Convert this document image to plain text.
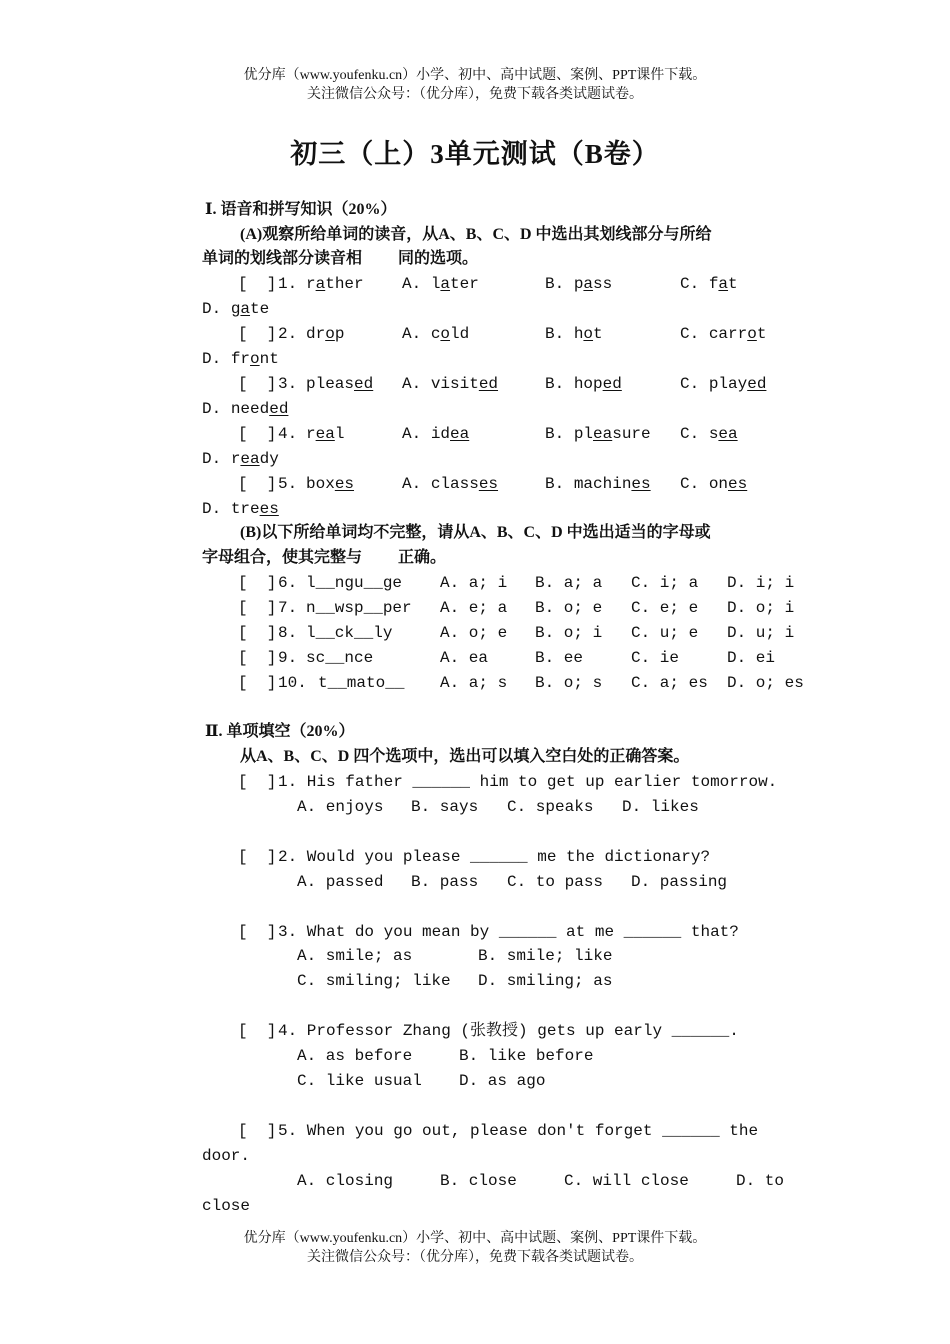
优分库（www.youfenku.cn）小学、初中、高中试题、案例、PPT课件下载。
关注微信公众号：（优分库），免费下载各类试题试卷。
初三（上）3单元测试（B卷）
Ⅰ. 语音和拼写知识（20%）
(A)观察所给单词的读音，从A、B、C、D 中选出其划线部分与所给
单词的划线部分读音相         同的选项。
[  ] 1. rather A. later	B. pass	C. fat
D. gate
[  ] 2. drop	A. cold	B. hot	C. carrot
D. front
[  ] 3. pleased A. visited	B. hoped	C. played
D. needed
[  ] 4. real	A. idea	B. pleasure C. sea
D. ready
[  ] 5. boxes	A. classes	B. machines C. ones
D. trees
(B)以下所给单词均不完整，请从A、B、C、D 中选出适当的字母或
字母组合，使其完整与         正确。
[  ] 6. l__ngu__ge A. a; i B. a; a C. i; a D. i; i
[  ] 7. n__wsp__per A. e; a B. o; e C. e; e D. o; i
[  ] 8. l__ck__ly	A. o; e B. o; i C. u; e D. u; i
[  ] 9. sc__nce	A. ea	B. ee	C. ie	D. ei
[  ] 10. t__mato__ A. a; s B. o; s C. a; es D. o; es
Ⅱ. 单项填空（20%）
从A、B、C、D 四个选项中，选出可以填入空白处的正确答案。
[  ] 1. His father ______ him to get up earlier tomorrow.
A. enjoys B. says C. speaks D. likes
[  ] 2. Would you please ______ me the dictionary?
A. passed B. pass C. to pass D. passing
[  ] 3. What do you mean by ______ at me ______ that?
A. smile; as	B. smile; like
C. smiling; like D. smiling; as
[  ] 4. Professor Zhang (张教授) gets up early ______.
A. as before	B. like before
C. like usual D. as ago
[  ] 5. When you go out, please don't forget ______ the
door.
A. closing	B. close	C. will close	D. to
close
优分库（www.youfenku.cn）小学、初中、高中试题、案例、PPT课件下载。
关注微信公众号：（优分库），免费下载各类试题试卷。
